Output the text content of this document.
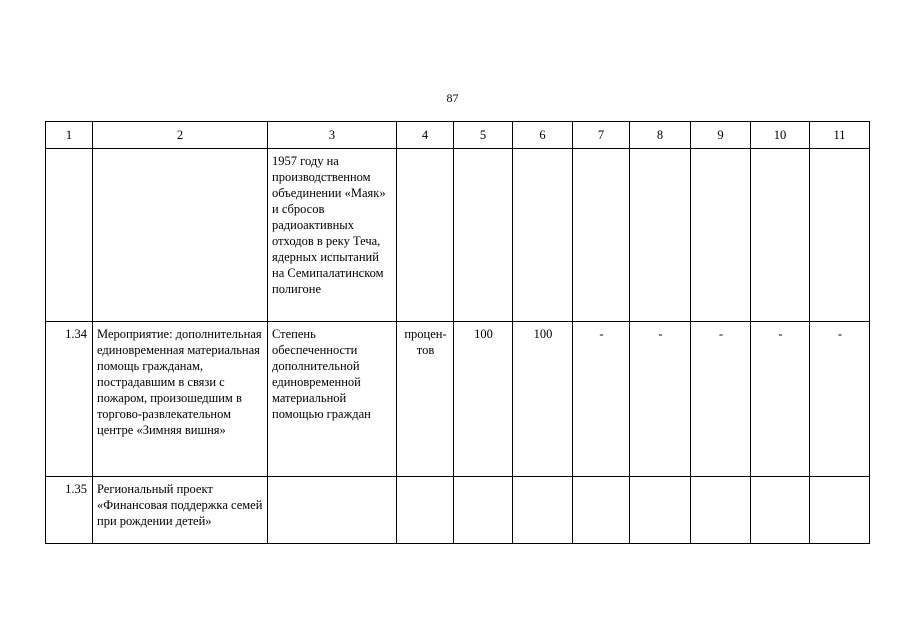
87
1	2	3	4	5	6	7	8	9	10	11
		1957 году на производственном объединении «Маяк» и сбросов радиоактивных отходов в реку Теча, ядерных испытаний на Семипалатинском полигоне								
1.34	Мероприятие: дополнительная единовременная материальная помощь гражданам, пострадавшим в связи с пожаром, произошедшим в торгово-развлекательном центре «Зимняя вишня»	Степень обеспеченности дополнительной единовременной материальной помощью граждан	процен-тов	100	100	-	-	-	-	-
1.35	Региональный проект «Финансовая поддержка семей при рождении детей»									
